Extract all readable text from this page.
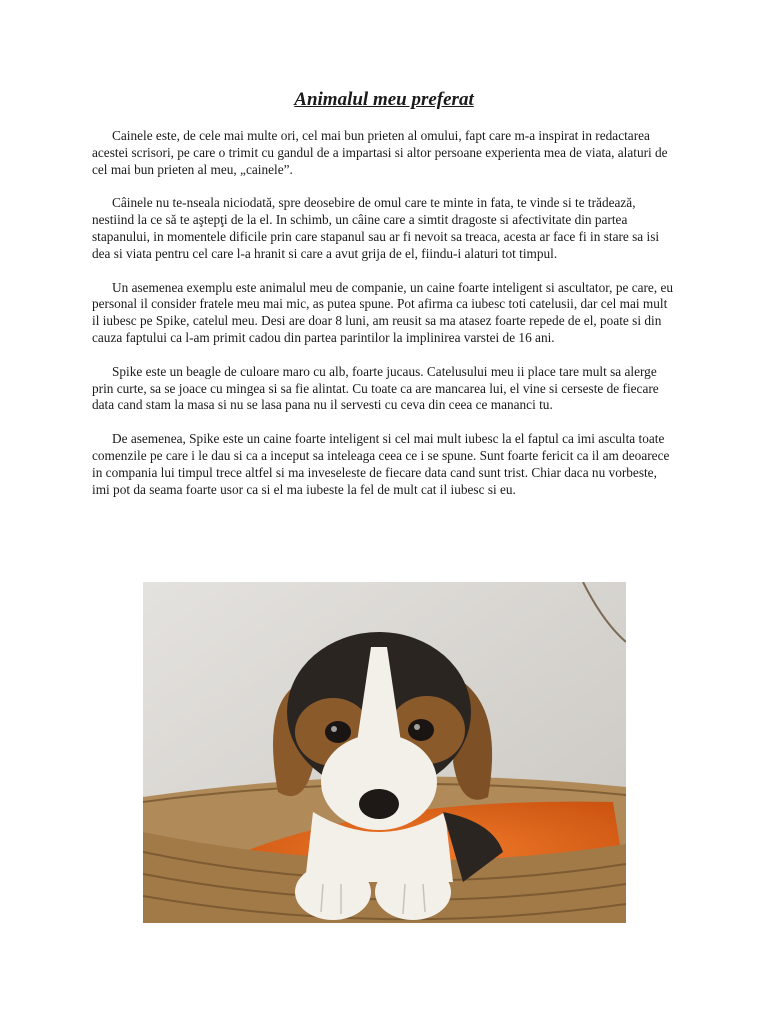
Animalul meu preferat

Cainele este, de cele mai multe ori, cel mai bun prieten al omului, fapt care m-a inspirat in redactarea acestei scrisori, pe care o trimit cu gandul de a impartasi si altor persoane experienta mea de viata, alaturi de cel mai bun prieten al meu, „cainele”.

Câinele nu te-nseala niciodată, spre deosebire de omul care te minte in fata, te vinde si te trădează, nestiind la ce să te aştepţi de la el. In schimb, un câine care a simtit dragoste si afectivitate din partea stapanului, in momentele dificile prin care stapanul sau ar fi nevoit sa treaca, acesta ar face fi in stare sa isi dea si viata pentru cel care l-a hranit si care a avut grija de el, fiindu-i alaturi tot timpul.

Un asemenea exemplu este animalul meu de companie, un caine foarte inteligent si ascultator, pe care, eu personal il consider fratele meu mai mic, as putea spune. Pot afirma ca iubesc toti catelusii, dar cel mai mult il iubesc pe Spike, catelul meu. Desi are doar 8 luni, am reusit sa ma atasez foarte repede de el, poate si din cauza faptului ca l-am primit cadou din partea parintilor la implinirea varstei de 16 ani.

Spike este un beagle de culoare maro cu alb, foarte jucaus. Catelusului meu ii place tare mult sa alerge prin curte, sa se joace cu mingea si sa fie alintat. Cu toate ca are mancarea lui, el vine si cerseste de fiecare data cand stam la masa si nu se lasa pana nu il servesti cu ceva din ceea ce mananci tu.

De asemenea, Spike este un caine foarte inteligent si cel mai mult iubesc la el faptul ca imi asculta toate comenzile pe care i le dau si ca a inceput sa inteleaga ceea ce i se spune. Sunt foarte fericit ca il am deoarece in compania lui timpul trece altfel si ma inveseleste de fiecare data cand sunt trist. Chiar daca nu vorbeste, imi pot da seama foarte usor ca si el ma iubeste la fel de mult cat il iubesc si eu.
